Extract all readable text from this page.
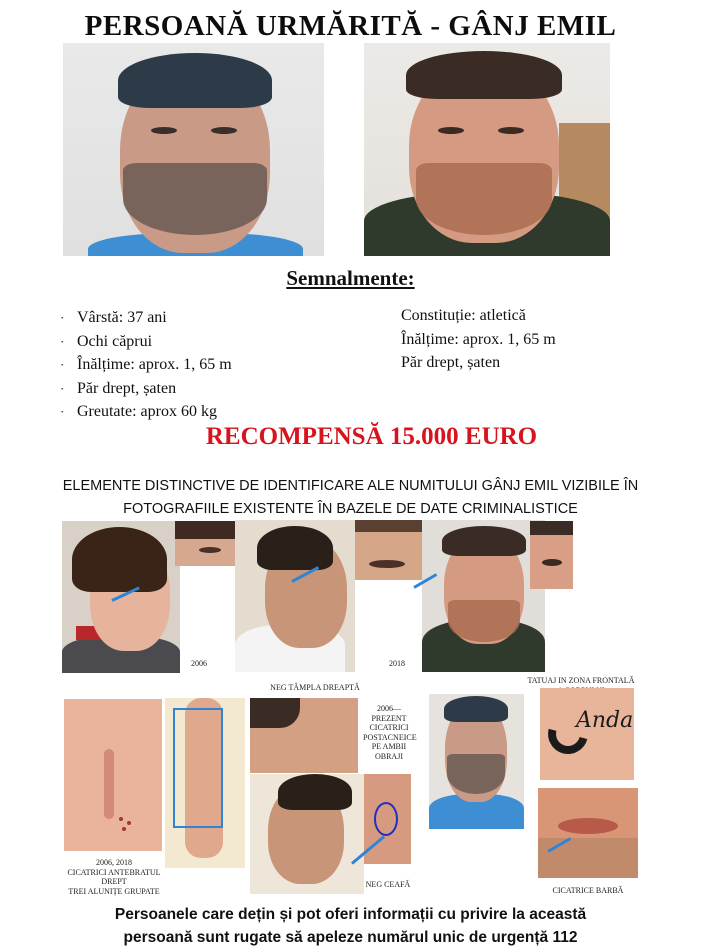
PERSOANĂ URMĂRITĂ - GÂNJ EMIL
Semnalmente:
· Vârstă: 37 ani
· Ochi căprui
· Înălțime: aprox. 1, 65 m
· Păr drept, șaten
· Greutate: aprox 60 kg
Constituție: atletică
Înălțime: aprox. 1, 65 m
Păr drept, șaten
RECOMPENSĂ 15.000 EURO
ELEMENTE DISTINCTIVE DE IDENTIFICARE ALE NUMITULUI GÂNJ EMIL VIZIBILE ÎN
FOTOGRAFIILE EXISTENTE ÎN BAZELE DE DATE CRIMINALISTICE
2006	2018
NEG TÂMPLA DREAPTĂ
TATUAJ IN ZONA FRONTALĂ
2006, 2018
CICATRICI ANTEBRATUL
DREPT
TREI ALUNIȚE GRUPATE
2006—PREZENT
CICATRICI
POSTACNEICE
PE AMBII
OBRAJI
NEG CEAFĂ
Anda
CICATRICE BARBĂ
Persoanele care dețin și pot oferi informații cu privire la această
persoană sunt rugate să apeleze numărul unic de urgență 112
